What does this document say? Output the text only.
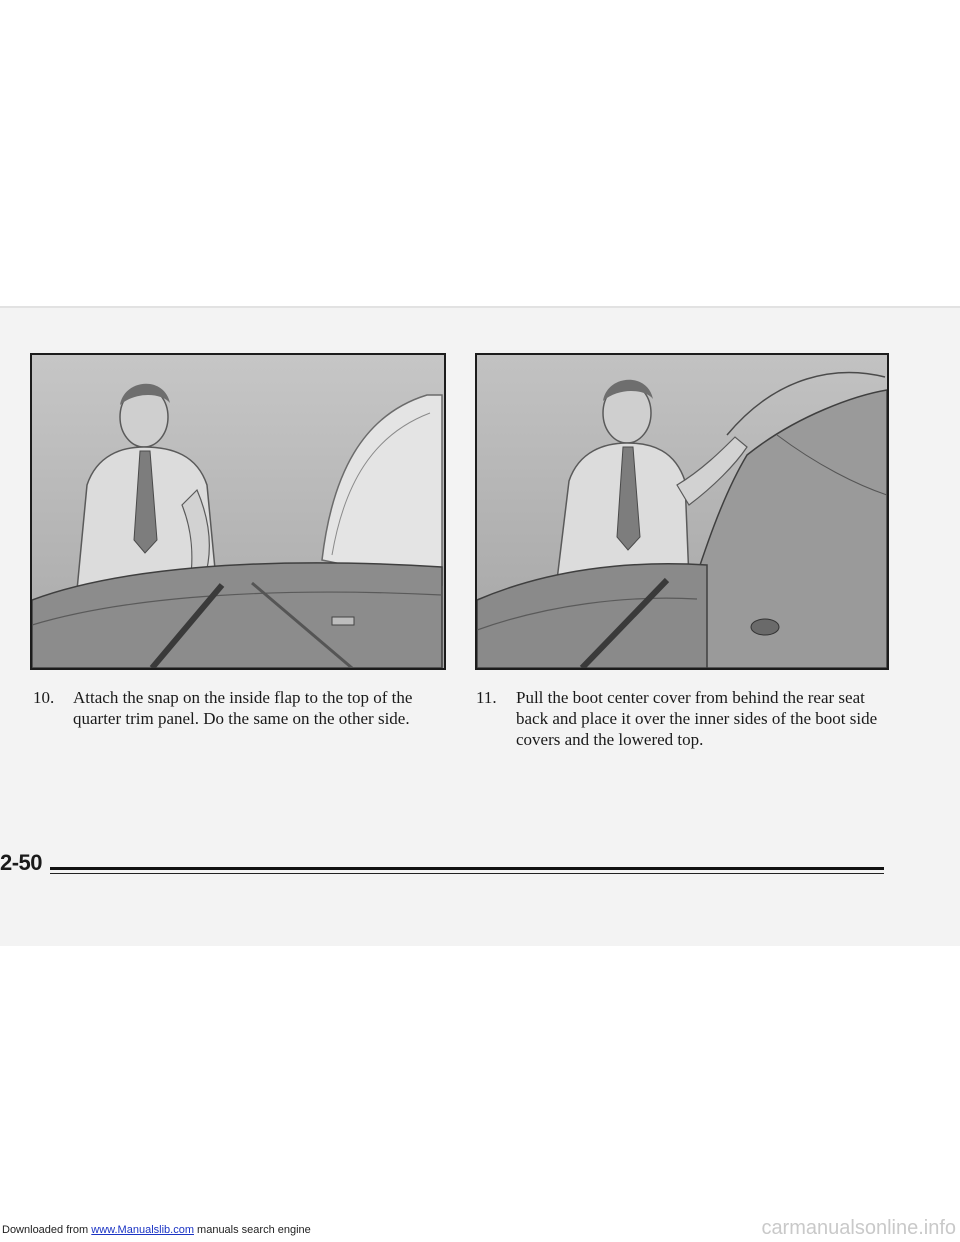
10. Attach the snap on the inside flap to the top of the quarter trim panel. Do the same on the other side.
11. Pull the boot center cover from behind the rear seat back and place it over the inner sides of the boot side covers and the lowered top.
2-50
Downloaded from www.Manualslib.com manuals search engine	carmanualsonline.info
